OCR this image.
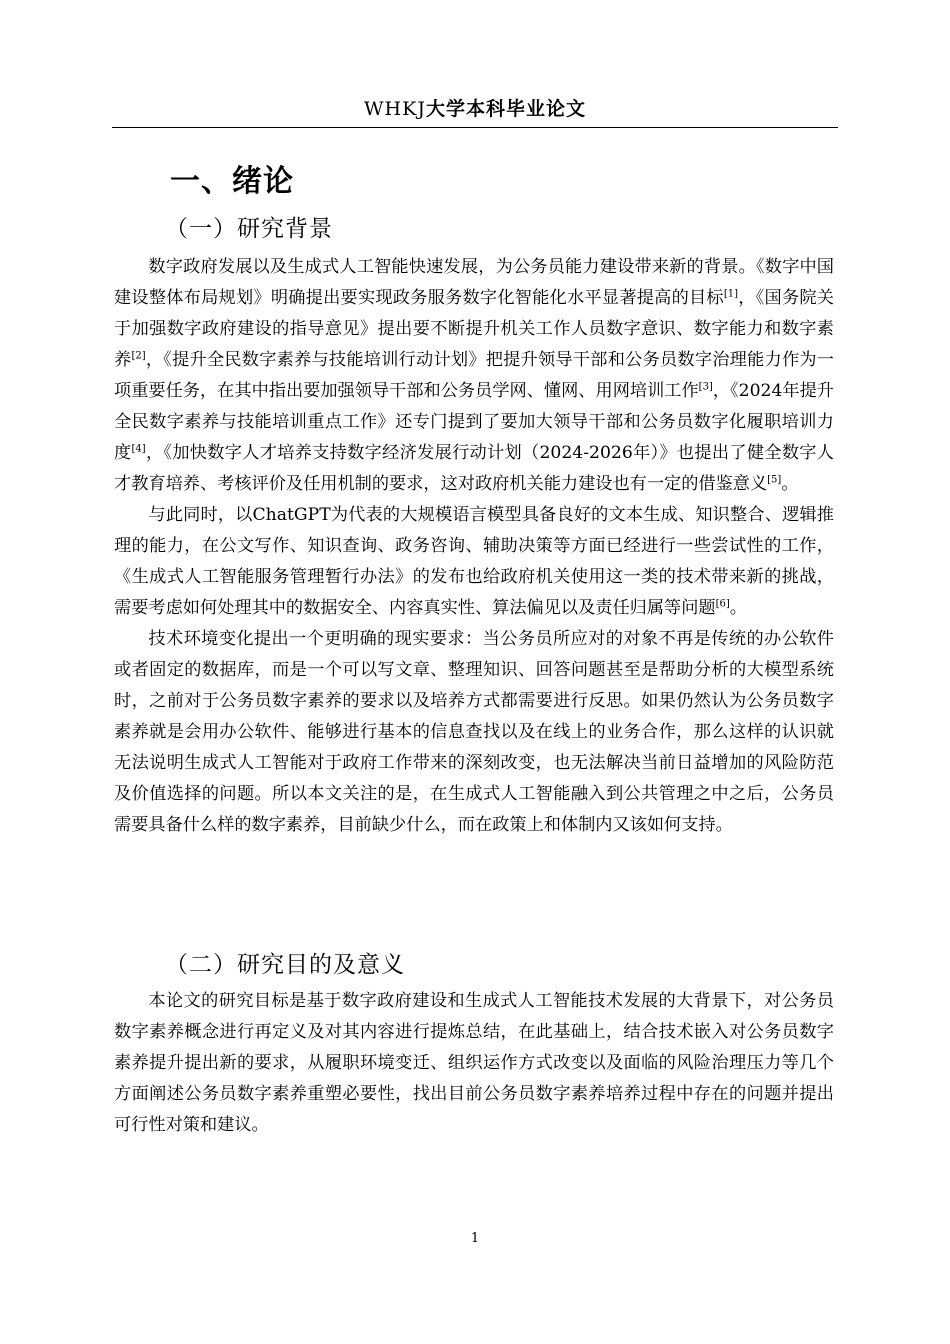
WHKJ大学本科毕业论文
一、绪论
（一）研究背景

数字政府发展以及生成式人工智能快速发展，为公务员能力建设带来新的背景。《数字中国建设整体布局规划》明确提出要实现政务服务数字化智能化水平显著提高的目标[1]，《国务院关于加强数字政府建设的指导意见》提出要不断提升机关工作人员数字意识、数字能力和数字素养[2]，《提升全民数字素养与技能培训行动计划》把提升领导干部和公务员数字治理能力作为一项重要任务，在其中指出要加强领导干部和公务员学网、懂网、用网培训工作[3]，《2024年提升全民数字素养与技能培训重点工作》还专门提到了要加大领导干部和公务员数字化履职培训力度[4]，《加快数字人才培养支持数字经济发展行动计划（2024-2026年）》也提出了健全数字人才教育培养、考核评价及任用机制的要求，这对政府机关能力建设也有一定的借鉴意义[5]。

与此同时，以ChatGPT为代表的大规模语言模型具备良好的文本生成、知识整合、逻辑推理的能力，在公文写作、知识查询、政务咨询、辅助决策等方面已经进行一些尝试性的工作，《生成式人工智能服务管理暂行办法》的发布也给政府机关使用这一类的技术带来新的挑战，需要考虑如何处理其中的数据安全、内容真实性、算法偏见以及责任归属等问题[6]。

技术环境变化提出一个更明确的现实要求：当公务员所应对的对象不再是传统的办公软件或者固定的数据库，而是一个可以写文章、整理知识、回答问题甚至是帮助分析的大模型系统时，之前对于公务员数字素养的要求以及培养方式都需要进行反思。如果仍然认为公务员数字素养就是会用办公软件、能够进行基本的信息查找以及在线上的业务合作，那么这样的认识就无法说明生成式人工智能对于政府工作带来的深刻改变，也无法解决当前日益增加的风险防范及价值选择的问题。所以本文关注的是，在生成式人工智能融入到公共管理之中之后，公务员需要具备什么样的数字素养，目前缺少什么，而在政策上和体制内又该如何支持。

（二）研究目的及意义

本论文的研究目标是基于数字政府建设和生成式人工智能技术发展的大背景下，对公务员数字素养概念进行再定义及对其内容进行提炼总结，在此基础上，结合技术嵌入对公务员数字素养提升提出新的要求，从履职环境变迁、组织运作方式改变以及面临的风险治理压力等几个方面阐述公务员数字素养重塑必要性，找出目前公务员数字素养培养过程中存在的问题并提出可行性对策和建议。

1
